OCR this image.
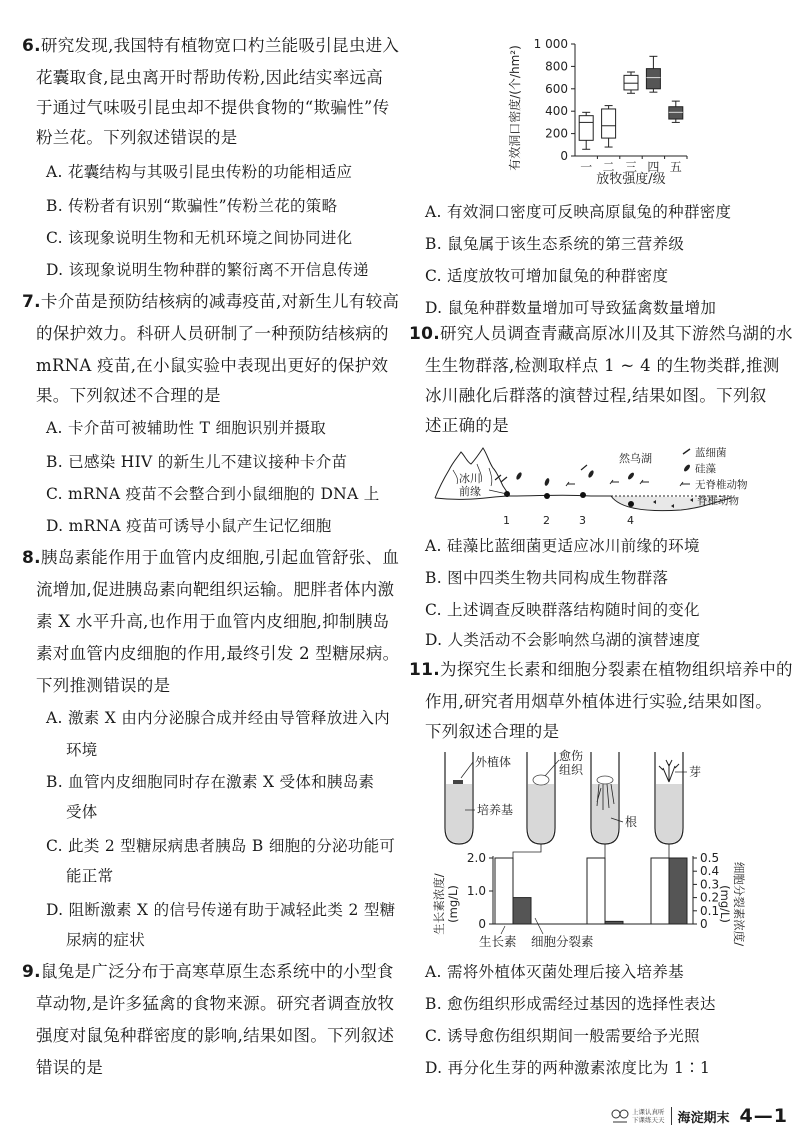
6.研究发现,我国特有植物宽口杓兰能吸引昆虫进入
花囊取食,昆虫离开时帮助传粉,因此结实率远高
于通过气味吸引昆虫却不提供食物的“欺骗性”传
粉兰花。下列叙述错误的是
A. 花囊结构与其吸引昆虫传粉的功能相适应
B. 传粉者有识别“欺骗性”传粉兰花的策略
C. 该现象说明生物和无机环境之间协同进化
D. 该现象说明生物种群的繁衍离不开信息传递
7.卡介苗是预防结核病的减毒疫苗,对新生儿有较高
的保护效力。科研人员研制了一种预防结核病的
mRNA 疫苗,在小鼠实验中表现出更好的保护效
果。下列叙述不合理的是
A. 卡介苗可被辅助性 T 细胞识别并摄取
B. 已感染 HIV 的新生儿不建议接种卡介苗
C. mRNA 疫苗不会整合到小鼠细胞的 DNA 上
D. mRNA 疫苗可诱导小鼠产生记忆细胞
8.胰岛素能作用于血管内皮细胞,引起血管舒张、血
流增加,促进胰岛素向靶组织运输。肥胖者体内激
素 X 水平升高,也作用于血管内皮细胞,抑制胰岛
素对血管内皮细胞的作用,最终引发 2 型糖尿病。
下列推测错误的是
A. 激素 X 由内分泌腺合成并经由导管释放进入内
环境
B. 血管内皮细胞同时存在激素 X 受体和胰岛素
受体
C. 此类 2 型糖尿病患者胰岛 B 细胞的分泌功能可
能正常
D. 阻断激素 X 的信号传递有助于减轻此类 2 型糖
尿病的症状
9.鼠兔是广泛分布于高寒草原生态系统中的小型食
草动物,是许多猛禽的食物来源。研究者调查放牧
强度对鼠兔种群密度的影响,结果如图。下列叙述
错误的是
有效洞口密度/(个/hm²)	0
200
400
600
800
1 000
一 二 三 四 五
放牧强度/级
A. 有效洞口密度可反映高原鼠兔的种群密度
B. 鼠兔属于该生态系统的第三营养级
C. 适度放牧可增加鼠兔的种群密度
D. 鼠兔种群数量增加可导致猛禽数量增加
10.研究人员调查青藏高原冰川及其下游然乌湖的水
生生物群落,检测取样点 1 ~ 4 的生物类群,推测
冰川融化后群落的演替过程,结果如图。下列叙
述正确的是
冰川
前缘
然乌湖
1	2	3	4
蓝细菌
硅藻
无脊椎动物
脊椎动物
A. 硅藻比蓝细菌更适应冰川前缘的环境
B. 图中四类生物共同构成生物群落
C. 上述调查反映群落结构随时间的变化
D. 人类活动不会影响然乌湖的演替速度
11.为探究生长素和细胞分裂素在植物组织培养中的
作用,研究者用烟草外植体进行实验,结果如图。
下列叙述合理的是
外植体	愈伤
组织
培养基
根
芽
生长素浓度/ (mg/L)	细胞分裂素浓度/
(mg/L)
0
1.0
2.0
0
0.1
0.2
0.3
0.4
0.5
生长素 细胞分裂素
A. 需将外植体灭菌处理后接入培养基
B. 愈伤组织形成需经过基因的选择性表达
C. 诱导愈伤组织期间一般需要给予光照
D. 再分化生芽的两种激素浓度比为 1∶1
上课认真听
下课练天天 海淀期末 4—1
